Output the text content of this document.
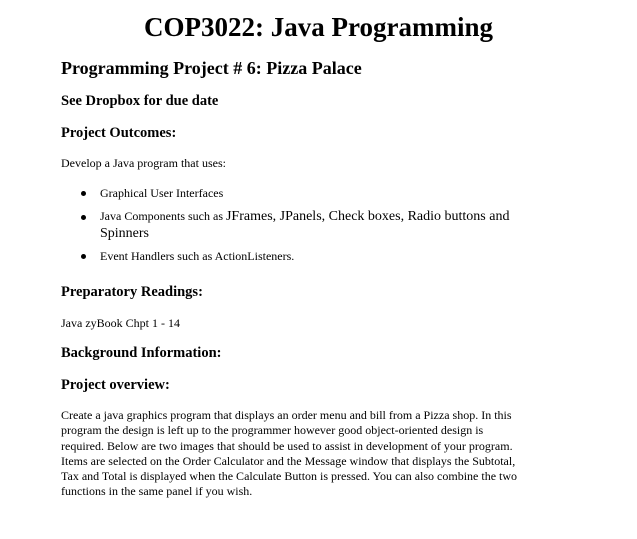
COP3022: Java Programming
Programming Project # 6: Pizza Palace
See Dropbox for due date
Project Outcomes:

Develop a Java program that uses:

Graphical User Interfaces
Java Components such as JFrames, JPanels, Check boxes, Radio buttons and Spinners
Event Handlers such as ActionListeners.
Preparatory Readings:

Java zyBook Chpt 1 - 14

Background Information:
Project overview:
Create a java graphics program that displays an order menu and bill from a Pizza shop. In this
program the design is left up to the programmer however good object-oriented design is
required. Below are two images that should be used to assist in development of your program.
Items are selected on the Order Calculator and the Message window that displays the Subtotal,
Tax and Total is displayed when the Calculate Button is pressed. You can also combine the two
functions in the same panel if you wish.
